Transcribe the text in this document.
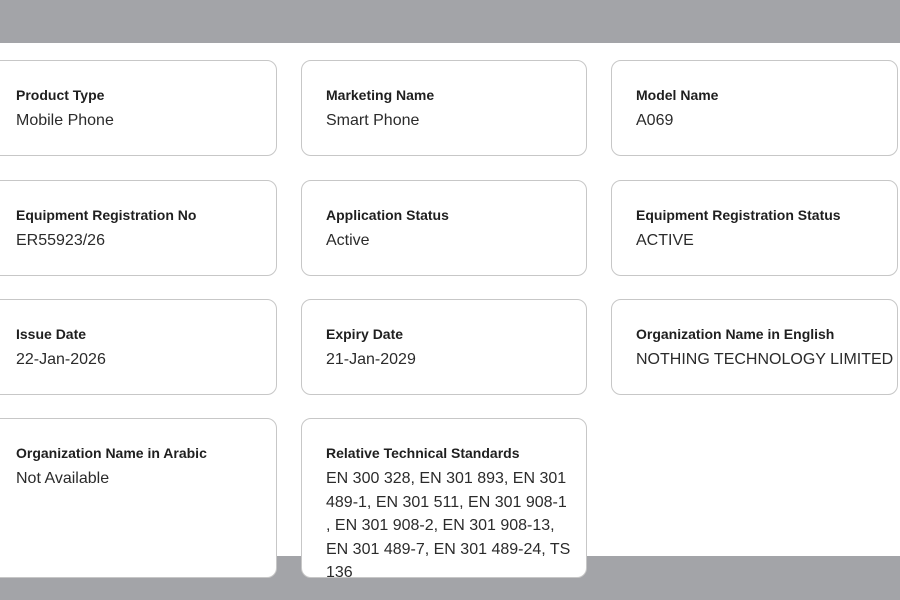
Product Type
Mobile Phone
Marketing Name
Smart Phone
Model Name
A069
Equipment Registration No
ER55923/26
Application Status
Active
Equipment Registration Status
ACTIVE
Issue Date
22-Jan-2026
Expiry Date
21-Jan-2029
Organization Name in English
NOTHING TECHNOLOGY LIMITED
Organization Name in Arabic
Not Available
Relative Technical Standards
EN 300 328, EN 301 893, EN 301 489-1, EN 301 511, EN 301 908-1 , EN 301 908-2, EN 301 908-13, EN 301 489-7, EN 301 489-24, TS 136
